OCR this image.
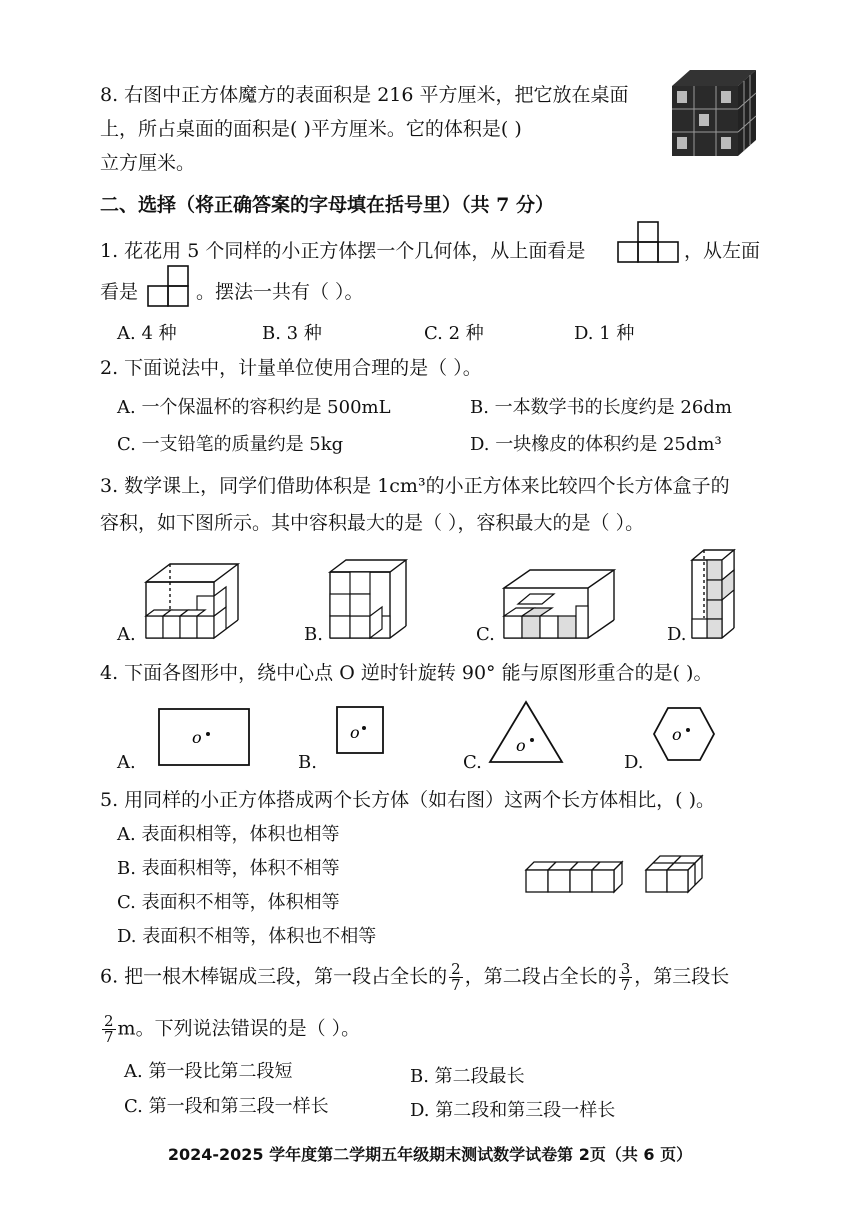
8. 右图中正方体魔方的表面积是 216 平方厘米，把它放在桌面
上，所占桌面的面积是( )平方厘米。它的体积是( )
立方厘米。
二、选择（将正确答案的字母填在括号里）（共 7 分）
1. 花花用 5 个同样的小正方体摆一个几何体，从上面看是	，从左面
看是	。摆法一共有（ ）。
A. 4 种	B. 3 种	C. 2 种	D. 1 种
2. 下面说法中，计量单位使用合理的是（ ）。
A. 一个保温杯的容积约是 500mL	B. 一本数学书的长度约是 26dm
C. 一支铅笔的质量约是 5kg	D. 一块橡皮的体积约是 25dm³
3. 数学课上，同学们借助体积是 1cm³的小正方体来比较四个长方体盒子的
容积，如下图所示。其中容积最大的是（ ），容积最大的是（ ）。
A.	B.	C.	D.
4. 下面各图形中，绕中心点 O 逆时针旋转 90° 能与原图形重合的是( )。
o
A.
o
B.
o
C.
o
D.
5. 用同样的小正方体搭成两个长方体（如右图）这两个长方体相比，( )。
A. 表面积相等，体积也相等
B. 表面积相等，体积不相等
C. 表面积不相等，体积相等
D. 表面积不相等，体积也不相等
6. 把一根木棒锯成三段，第一段占全长的 $\frac{2}{7}$ ，第二段占全长的 $\frac{3}{7}$ ，第三段长
$\frac{2}{7}$ m。下列说法错误的是（ ）。
A. 第一段比第二段短	B. 第二段最长
C. 第一段和第三段一样长	D. 第二段和第三段一样长
2024-2025 学年度第二学期五年级期末测试数学试卷第 2页（共 6 页）
